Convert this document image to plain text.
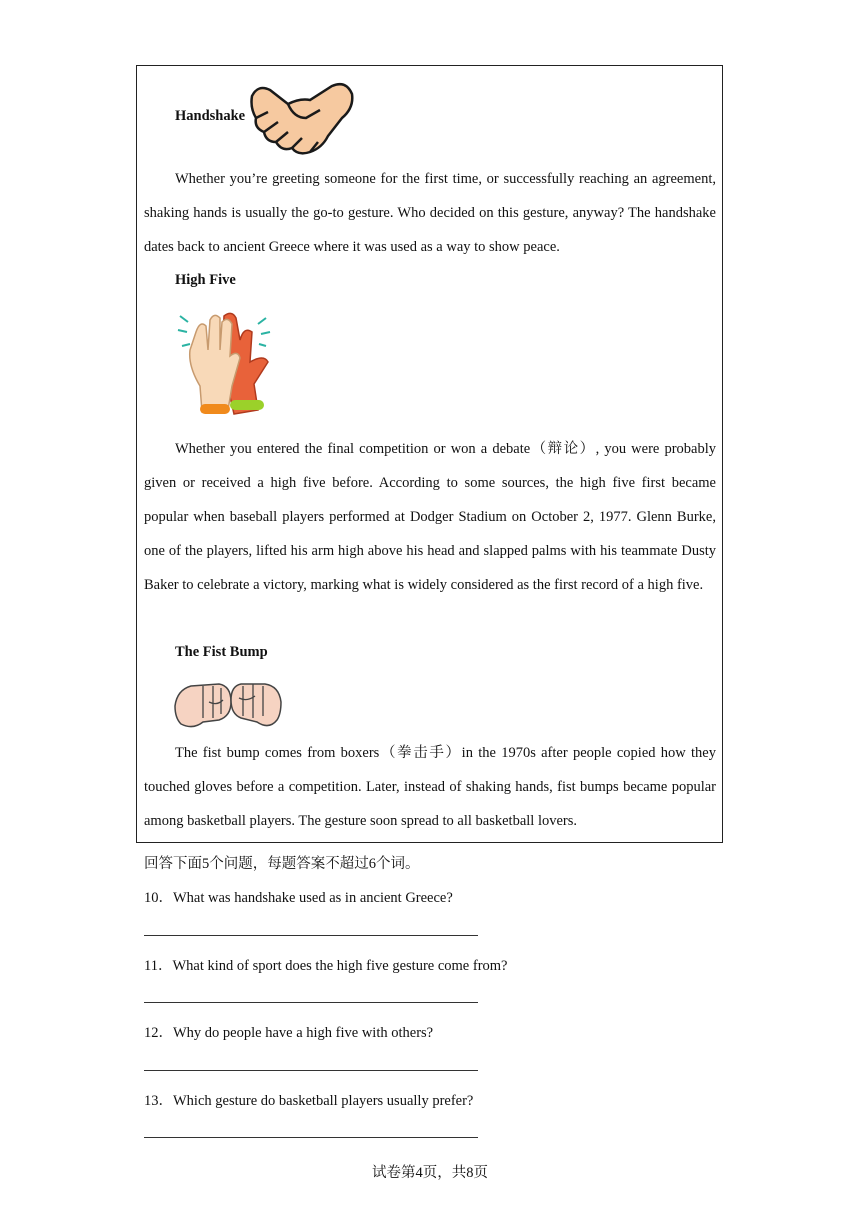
Handshake
Whether you’re greeting someone for the first time, or successfully reaching an agreement, shaking hands is usually the go-to gesture. Who decided on this gesture, anyway? The handshake dates back to ancient Greece where it was used as a way to show peace.
High Five
Whether you entered the final competition or won a debate（辩论）, you were probably given or received a high five before. According to some sources, the high five first became popular when baseball players performed at Dodger Stadium on October 2, 1977. Glenn Burke, one of the players, lifted his arm high above his head and slapped palms with his teammate Dusty Baker to celebrate a victory, marking what is widely considered as the first record of a high five.
The Fist Bump
The fist bump comes from boxers（拳击手）in the 1970s after people copied how they touched gloves before a competition. Later, instead of shaking hands, fist bumps became popular among basketball players. The gesture soon spread to all basketball lovers.
回答下面5个问题，每题答案不超过6个词。
10．What was handshake used as in ancient Greece?
11．What kind of sport does the high five gesture come from?
12．Why do people have a high five with others?
13．Which gesture do basketball players usually prefer?
试卷第4页，共8页
